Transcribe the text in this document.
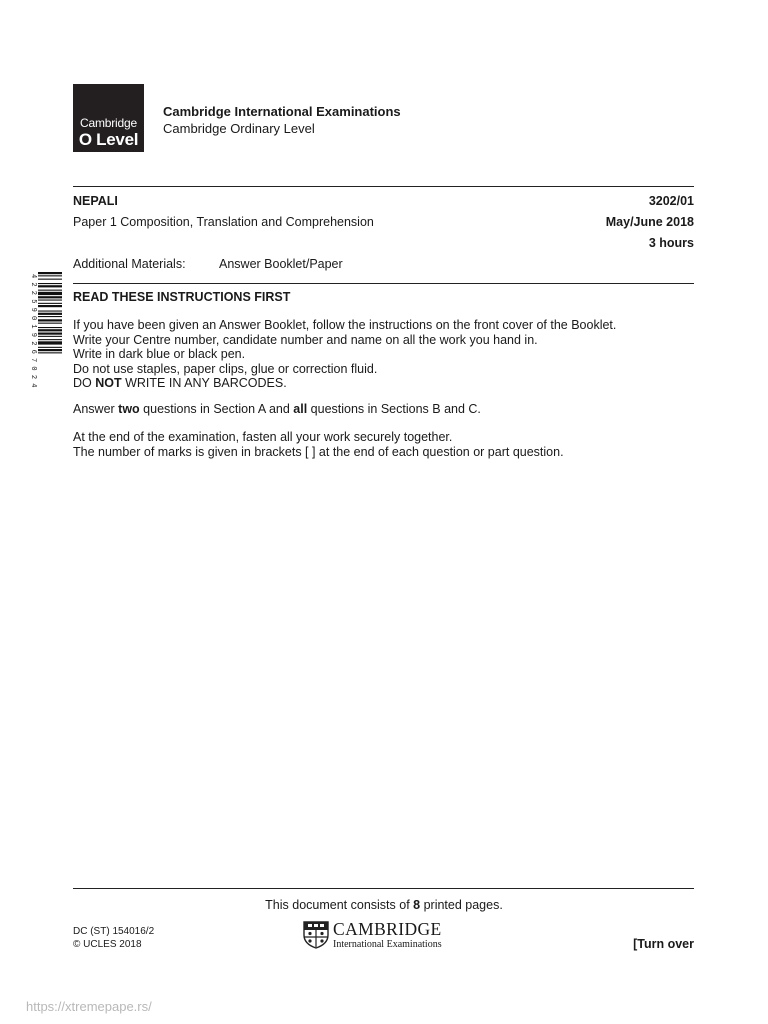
Cambridge
O Level
Cambridge International Examinations
Cambridge Ordinary Level
NEPALI	3202/01
Paper 1 Composition, Translation and Comprehension	May/June 2018
3 hours
Additional Materials:	Answer Booklet/Paper
4 2 2 5 9 0 1 9 2 6 7 0 2 4	READ THESE INSTRUCTIONS FIRST

If you have been given an Answer Booklet, follow the instructions on the front cover of the Booklet.

Write your Centre number, candidate number and name on all the work you hand in.

Write in dark blue or black pen.

Do not use staples, paper clips, glue or correction fluid.

DO NOT WRITE IN ANY BARCODES.

Answer two questions in Section A and all questions in Sections B and C.

At the end of the examination, fasten all your work securely together.

The number of marks is given in brackets [ ] at the end of each question or part question.

This document consists of 8 printed pages.
DC (ST) 154016/2
© UCLES 2018
CAMBRIDGE
International Examinations	[Turn over
https://xtremepape.rs/
